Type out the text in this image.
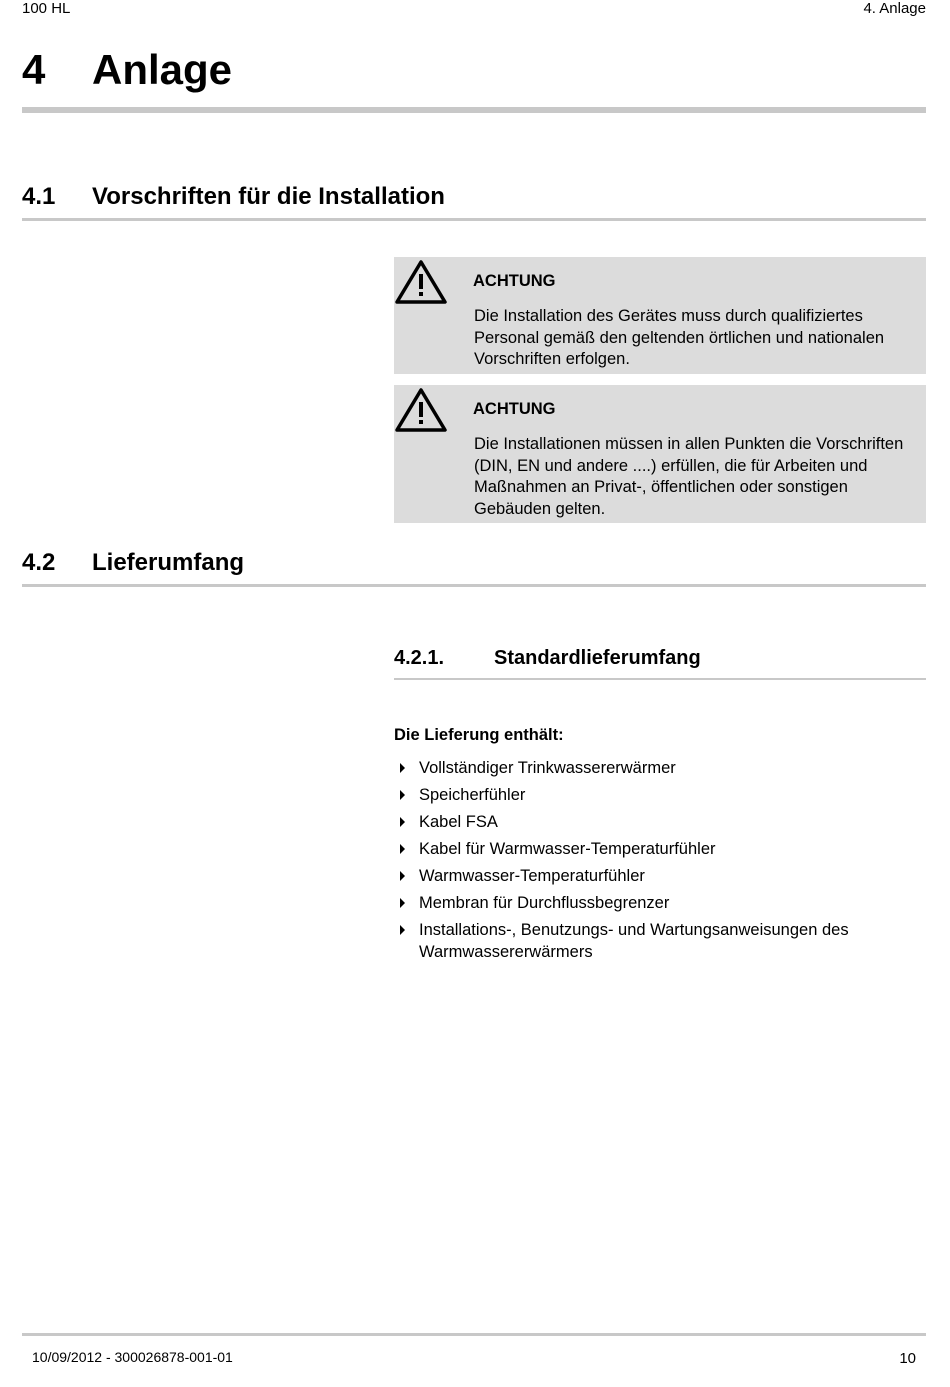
100 HL	4. Anlage
4 Anlage
4.1 Vorschriften für die Installation
ACHTUNG
Die Installation des Gerätes muss durch qualifiziertes Personal gemäß den geltenden örtlichen und nationalen Vorschriften erfolgen.
ACHTUNG
Die Installationen müssen in allen Punkten die Vorschriften (DIN, EN und andere ....) erfüllen, die für Arbeiten und Maßnahmen an Privat-, öffentlichen oder sonstigen Gebäuden gelten.
4.2 Lieferumfang
4.2.1. Standardlieferumfang
Die Lieferung enthält:
Vollständiger Trinkwassererwärmer
Speicherfühler
Kabel FSA
Kabel für Warmwasser-Temperaturfühler
Warmwasser-Temperaturfühler
Membran für Durchflussbegrenzer
Installations-, Benutzungs- und Wartungsanweisungen des Warmwassererwärmers
10/09/2012 - 300026878-001-01	10
